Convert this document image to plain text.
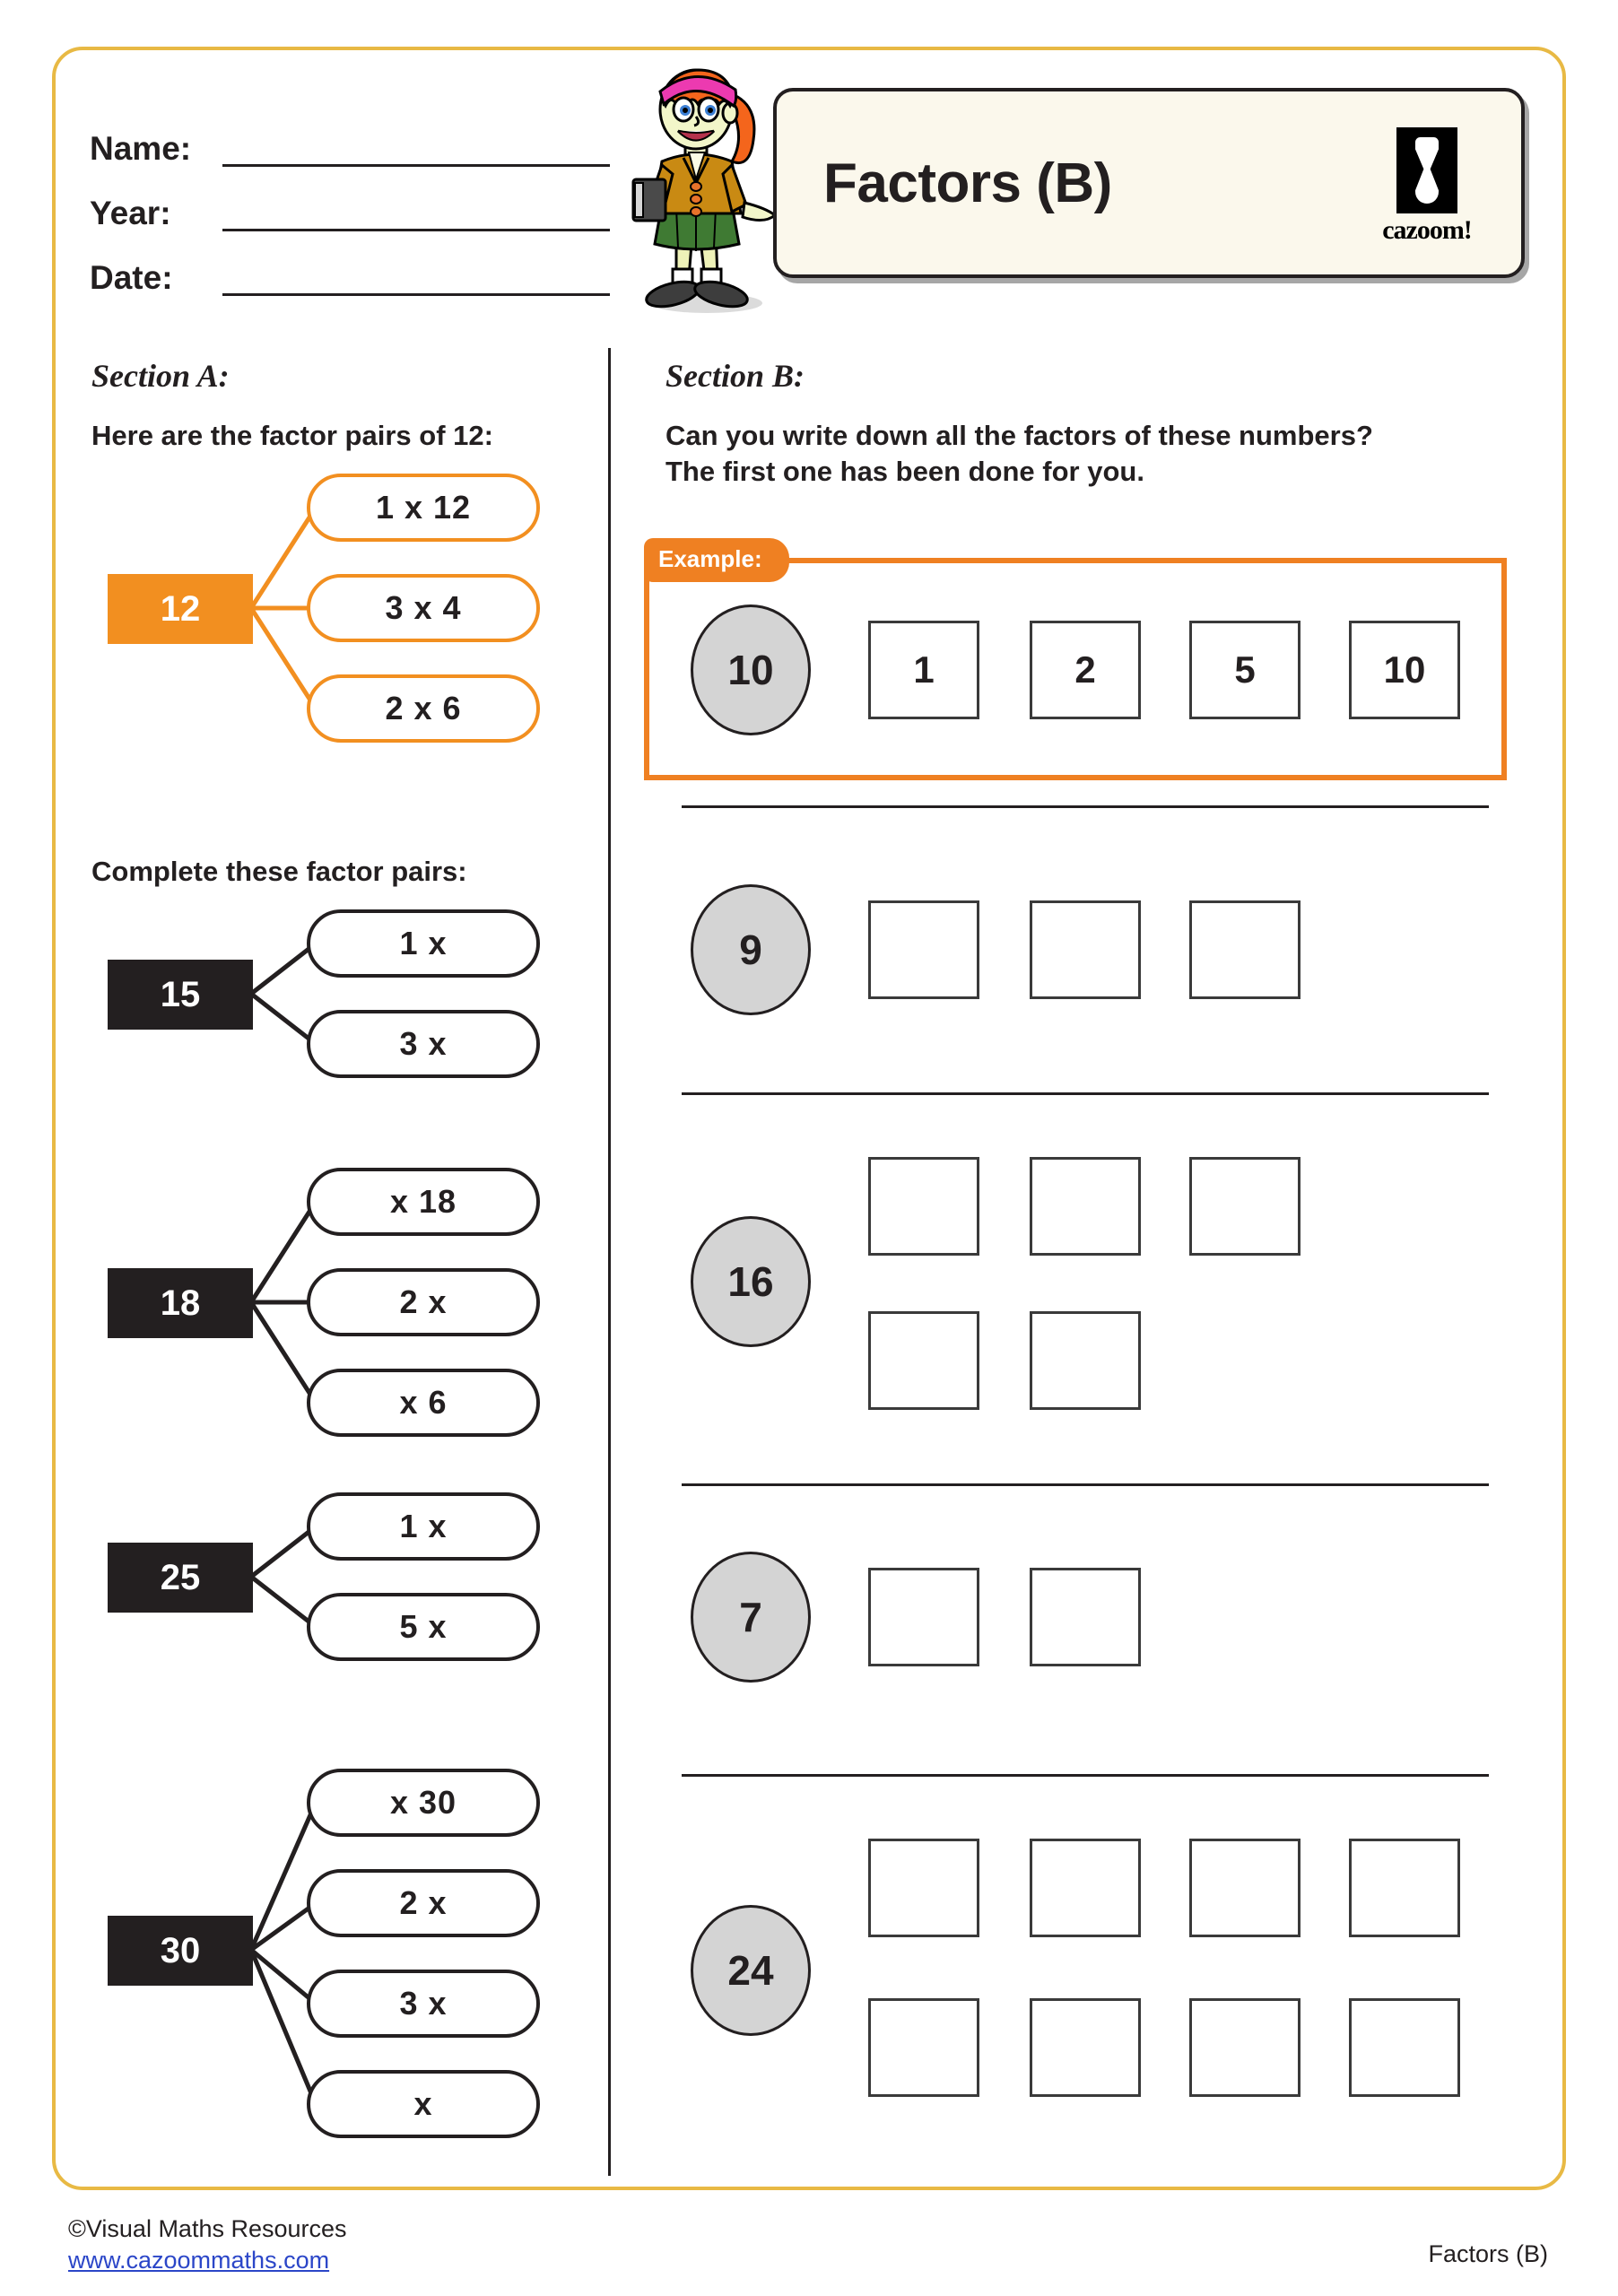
Name:
Year:
Date:
Factors (B)
cazoom!
Section A:
Here are the factor pairs of 12:
12
1 x 12
3 x 4
2 x 6
Complete these factor pairs:
15
1 x
3 x
18
x 18
2 x
x 6
25
1 x
5 x
30
x 30
2 x
3 x
x
Section B:
Can you write down all the factors of these numbers?
The first one has been done for you.
Example:
10	1	2	5	10
9
16
7
24
©Visual Maths Resources
www.cazoommaths.com	Factors (B)
